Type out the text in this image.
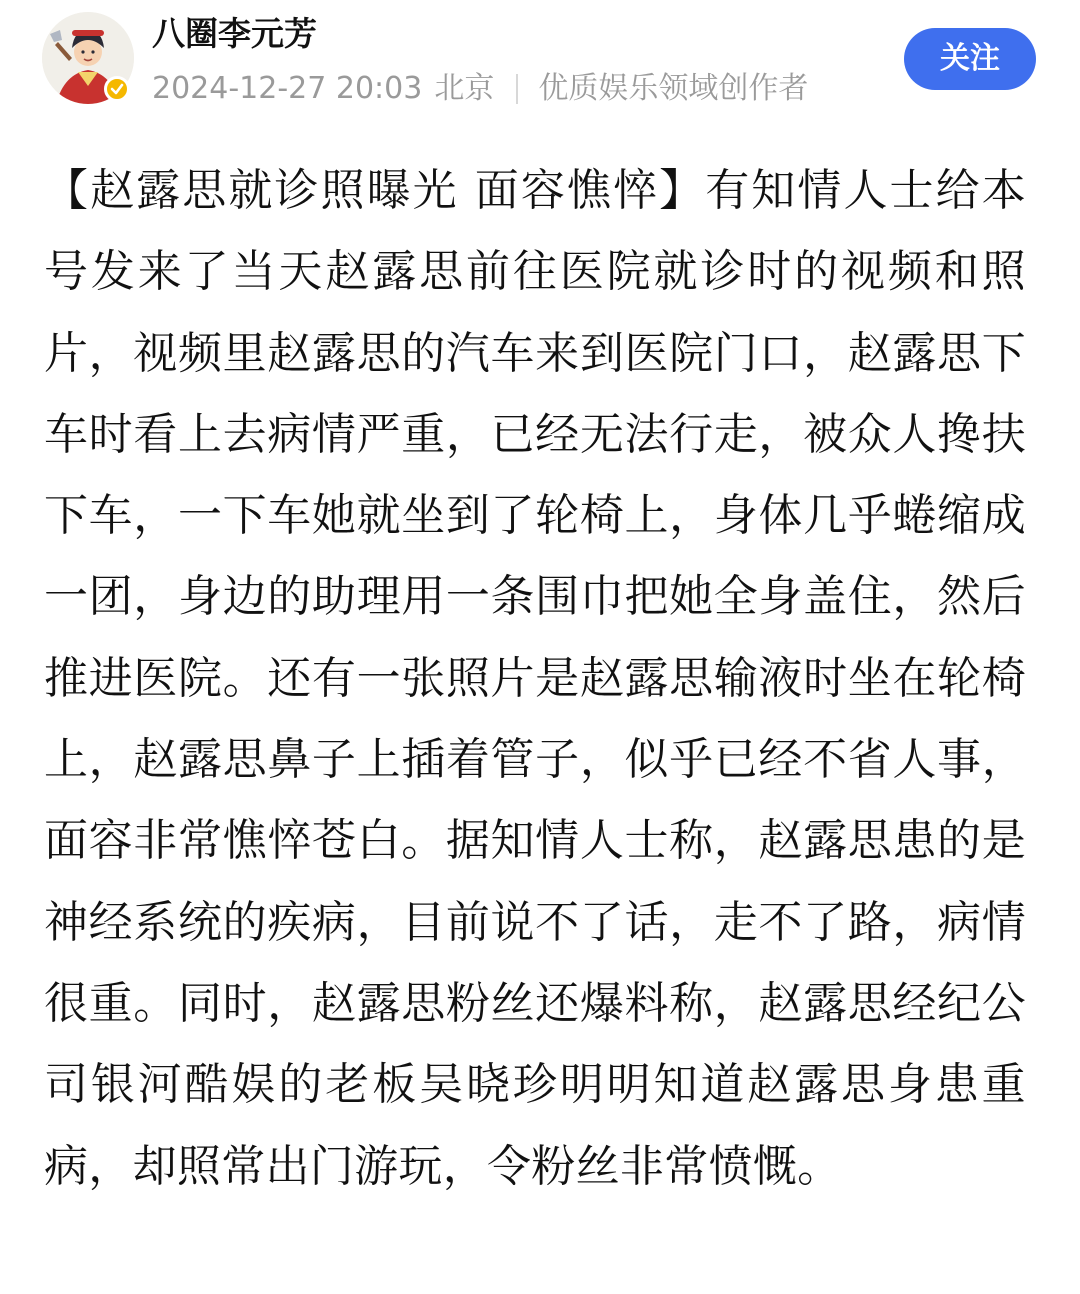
八圈李元芳
2024-12-27 20:03 北京 优质娱乐领域创作者
关注

【赵露思就诊照曝光 面容憔悴】有知情人士给本号发来了当天赵露思前往医院就诊时的视频和照片，视频里赵露思的汽车来到医院门口，赵露思下车时看上去病情严重，已经无法行走，被众人搀扶下车，一下车她就坐到了轮椅上，身体几乎蜷缩成一团，身边的助理用一条围巾把她全身盖住，然后推进医院。还有一张照片是赵露思输液时坐在轮椅上，赵露思鼻子上插着管子，似乎已经不省人事，面容非常憔悴苍白。据知情人士称，赵露思患的是神经系统的疾病，目前说不了话，走不了路，病情很重。同时，赵露思粉丝还爆料称，赵露思经纪公司银河酷娱的老板吴晓珍明明知道赵露思身患重病，却照常出门游玩，令粉丝非常愤慨。
